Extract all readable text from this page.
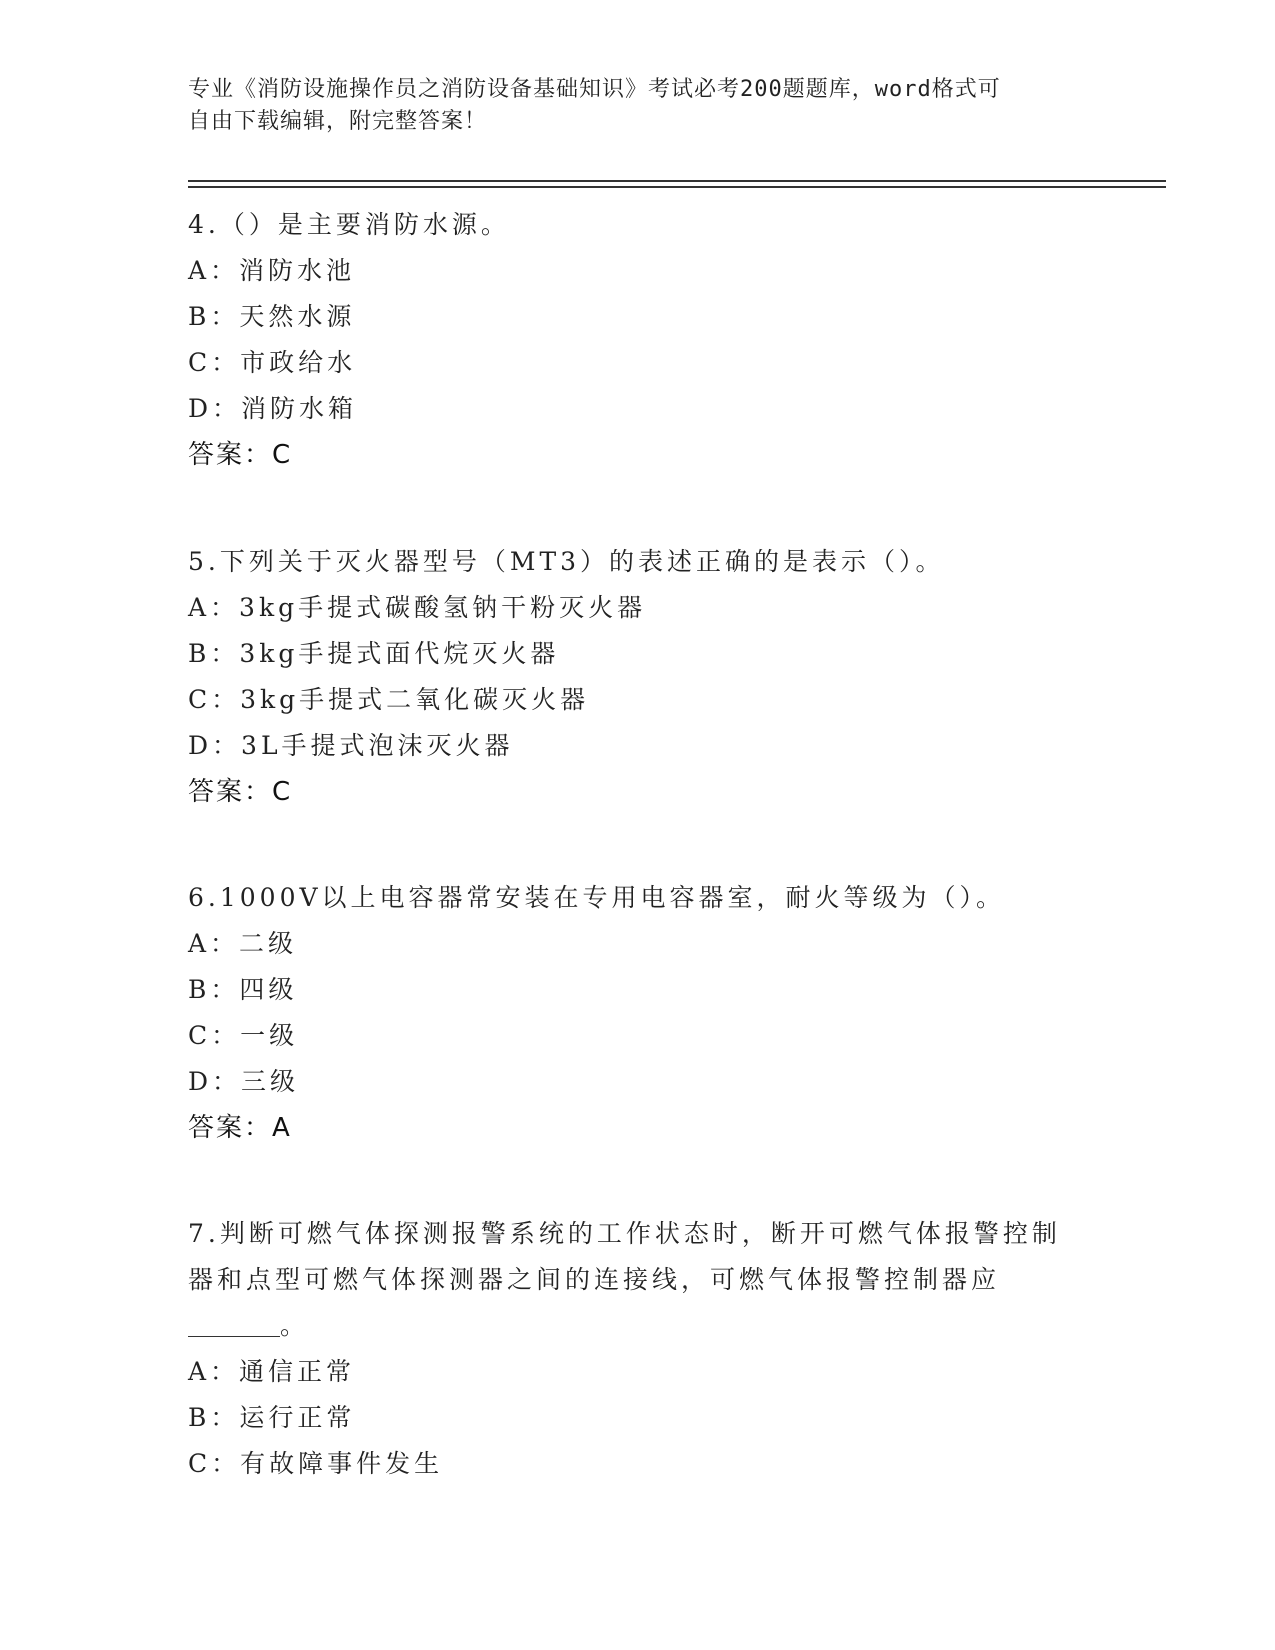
专业《消防设施操作员之消防设备基础知识》考试必考200题题库，word格式可
自由下载编辑，附完整答案！
4.（）是主要消防水源。
A：消防水池
B：天然水源
C：市政给水
D：消防水箱
答案：C
5.下列关于灭火器型号（MT3）的表述正确的是表示（）。
A：3kg手提式碳酸氢钠干粉灭火器
B：3kg手提式面代烷灭火器
C：3kg手提式二氧化碳灭火器
D：3L手提式泡沫灭火器
答案：C
6.1000V以上电容器常安装在专用电容器室，耐火等级为（）。
A：二级
B：四级
C：一级
D：三级
答案：A
7.判断可燃气体探测报警系统的工作状态时，断开可燃气体报警控制
器和点型可燃气体探测器之间的连接线，可燃气体报警控制器应
。
A：通信正常
B：运行正常
C：有故障事件发生
